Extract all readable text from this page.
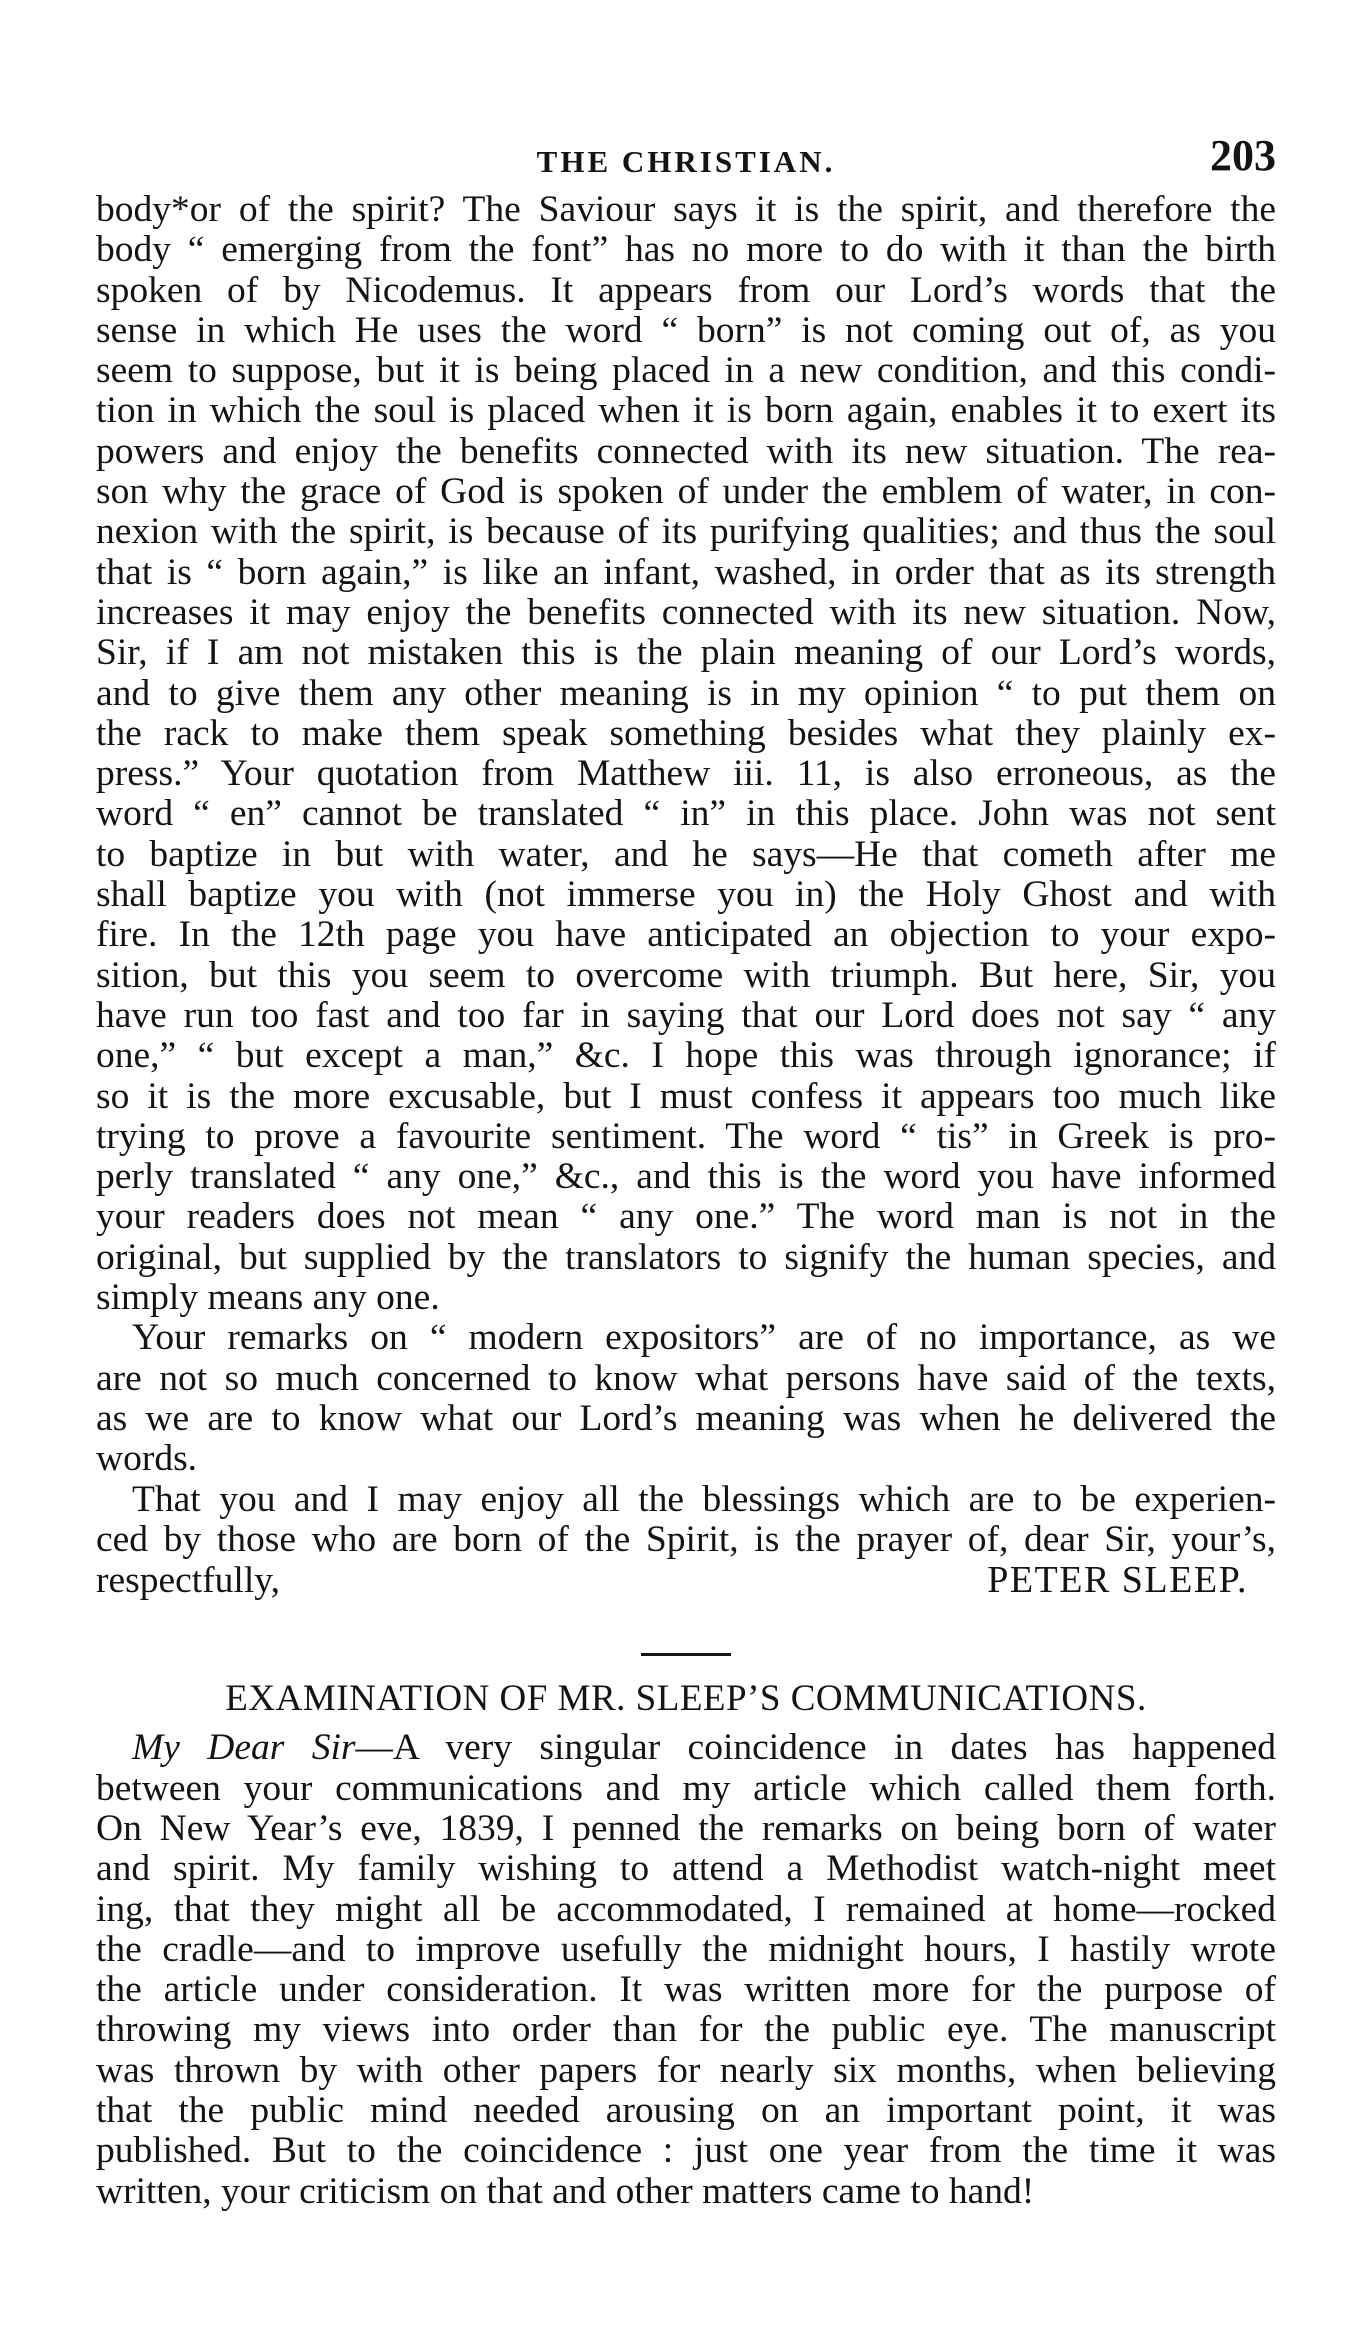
THE CHRISTIAN.	203
body*or of the spirit? The Saviour says it is the spirit, and therefore the
body “ emerging from the font” has no more to do with it than the birth
spoken of by Nicodemus. It appears from our Lord’s words that the
sense in which He uses the word “ born” is not coming out of, as you
seem to suppose, but it is being placed in a new condition, and this condi-
tion in which the soul is placed when it is born again, enables it to exert its
powers and enjoy the benefits connected with its new situation. The rea-
son why the grace of God is spoken of under the emblem of water, in con-
nexion with the spirit, is because of its purifying qualities; and thus the soul
that is “ born again,” is like an infant, washed, in order that as its strength
increases it may enjoy the benefits connected with its new situation. Now,
Sir, if I am not mistaken this is the plain meaning of our Lord’s words,
and to give them any other meaning is in my opinion “ to put them on
the rack to make them speak something besides what they plainly ex-
press.” Your quotation from Matthew iii. 11, is also erroneous, as the
word “ en” cannot be translated “ in” in this place. John was not sent
to baptize in but with water, and he says—He that cometh after me
shall baptize you with (not immerse you in) the Holy Ghost and with
fire. In the 12th page you have anticipated an objection to your expo-
sition, but this you seem to overcome with triumph. But here, Sir, you
have run too fast and too far in saying that our Lord does not say “ any
one,” “ but except a man,” &c. I hope this was through ignorance; if
so it is the more excusable, but I must confess it appears too much like
trying to prove a favourite sentiment. The word “ tis” in Greek is pro-
perly translated “ any one,” &c., and this is the word you have informed
your readers does not mean “ any one.” The word man is not in the
original, but supplied by the translators to signify the human species, and
simply means any one.
Your remarks on “ modern expositors” are of no importance, as we
are not so much concerned to know what persons have said of the texts,
as we are to know what our Lord’s meaning was when he delivered the
words.
That you and I may enjoy all the blessings which are to be experien-
ced by those who are born of the Spirit, is the prayer of, dear Sir, your’s,
respectfully,	PETER SLEEP.
EXAMINATION OF MR. SLEEP’S COMMUNICATIONS.
My Dear Sir—A very singular coincidence in dates has happened
between your communications and my article which called them forth.
On New Year’s eve, 1839, I penned the remarks on being born of water
and spirit. My family wishing to attend a Methodist watch-night meet
ing, that they might all be accommodated, I remained at home—rocked
the cradle—and to improve usefully the midnight hours, I hastily wrote
the article under consideration. It was written more for the purpose of
throwing my views into order than for the public eye. The manuscript
was thrown by with other papers for nearly six months, when believing
that the public mind needed arousing on an important point, it was
published. But to the coincidence : just one year from the time it was
written, your criticism on that and other matters came to hand!
